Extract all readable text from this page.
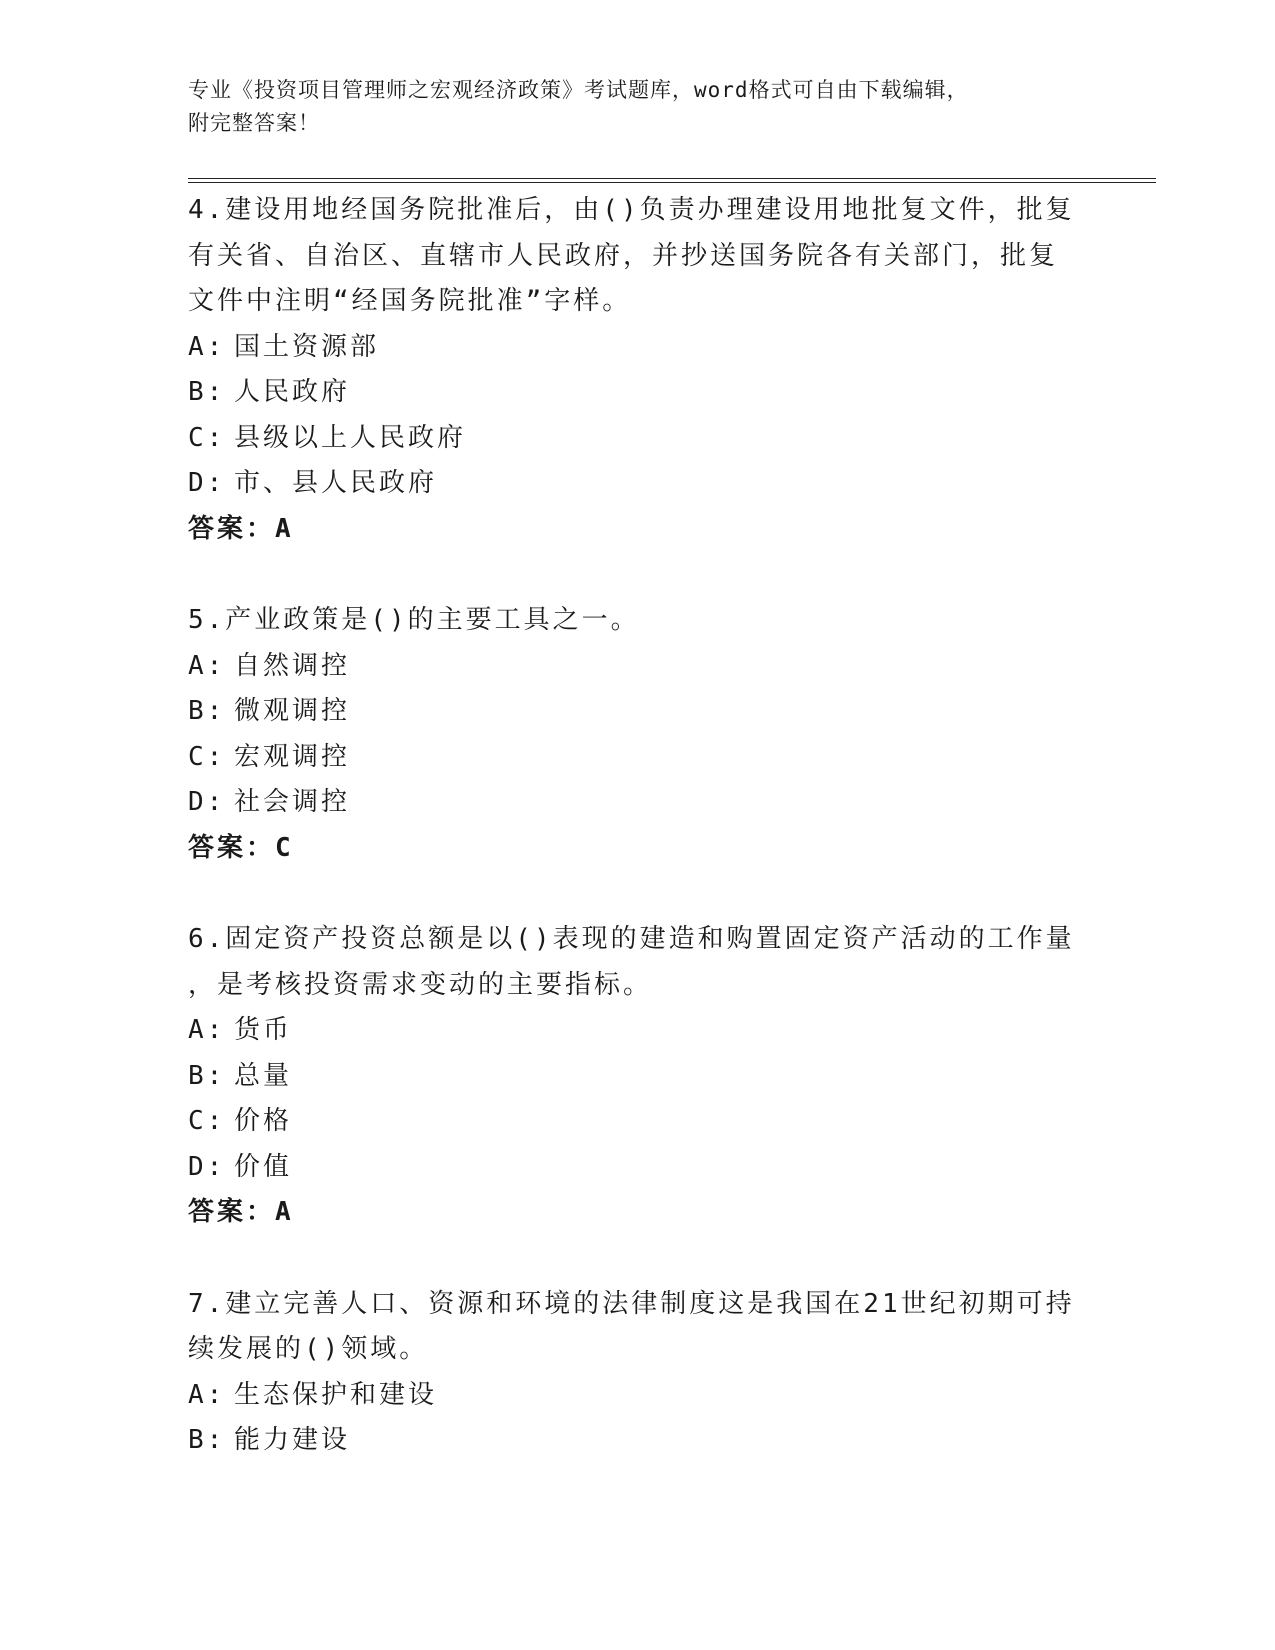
专业《投资项目管理师之宏观经济政策》考试题库，word格式可自由下载编辑，
附完整答案！

4.建设用地经国务院批准后，由()负责办理建设用地批复文件，批复

有关省、自治区、直辖市人民政府，并抄送国务院各有关部门，批复

文件中注明“经国务院批准”字样。

A: 国土资源部

B: 人民政府

C: 县级以上人民政府

D: 市、县人民政府

答案：A

5.产业政策是()的主要工具之一。

A: 自然调控

B: 微观调控

C: 宏观调控

D: 社会调控

答案：C

6.固定资产投资总额是以()表现的建造和购置固定资产活动的工作量

，是考核投资需求变动的主要指标。

A: 货币

B: 总量

C: 价格

D: 价值

答案：A

7.建立完善人口、资源和环境的法律制度这是我国在21世纪初期可持

续发展的()领域。

A: 生态保护和建设

B: 能力建设
